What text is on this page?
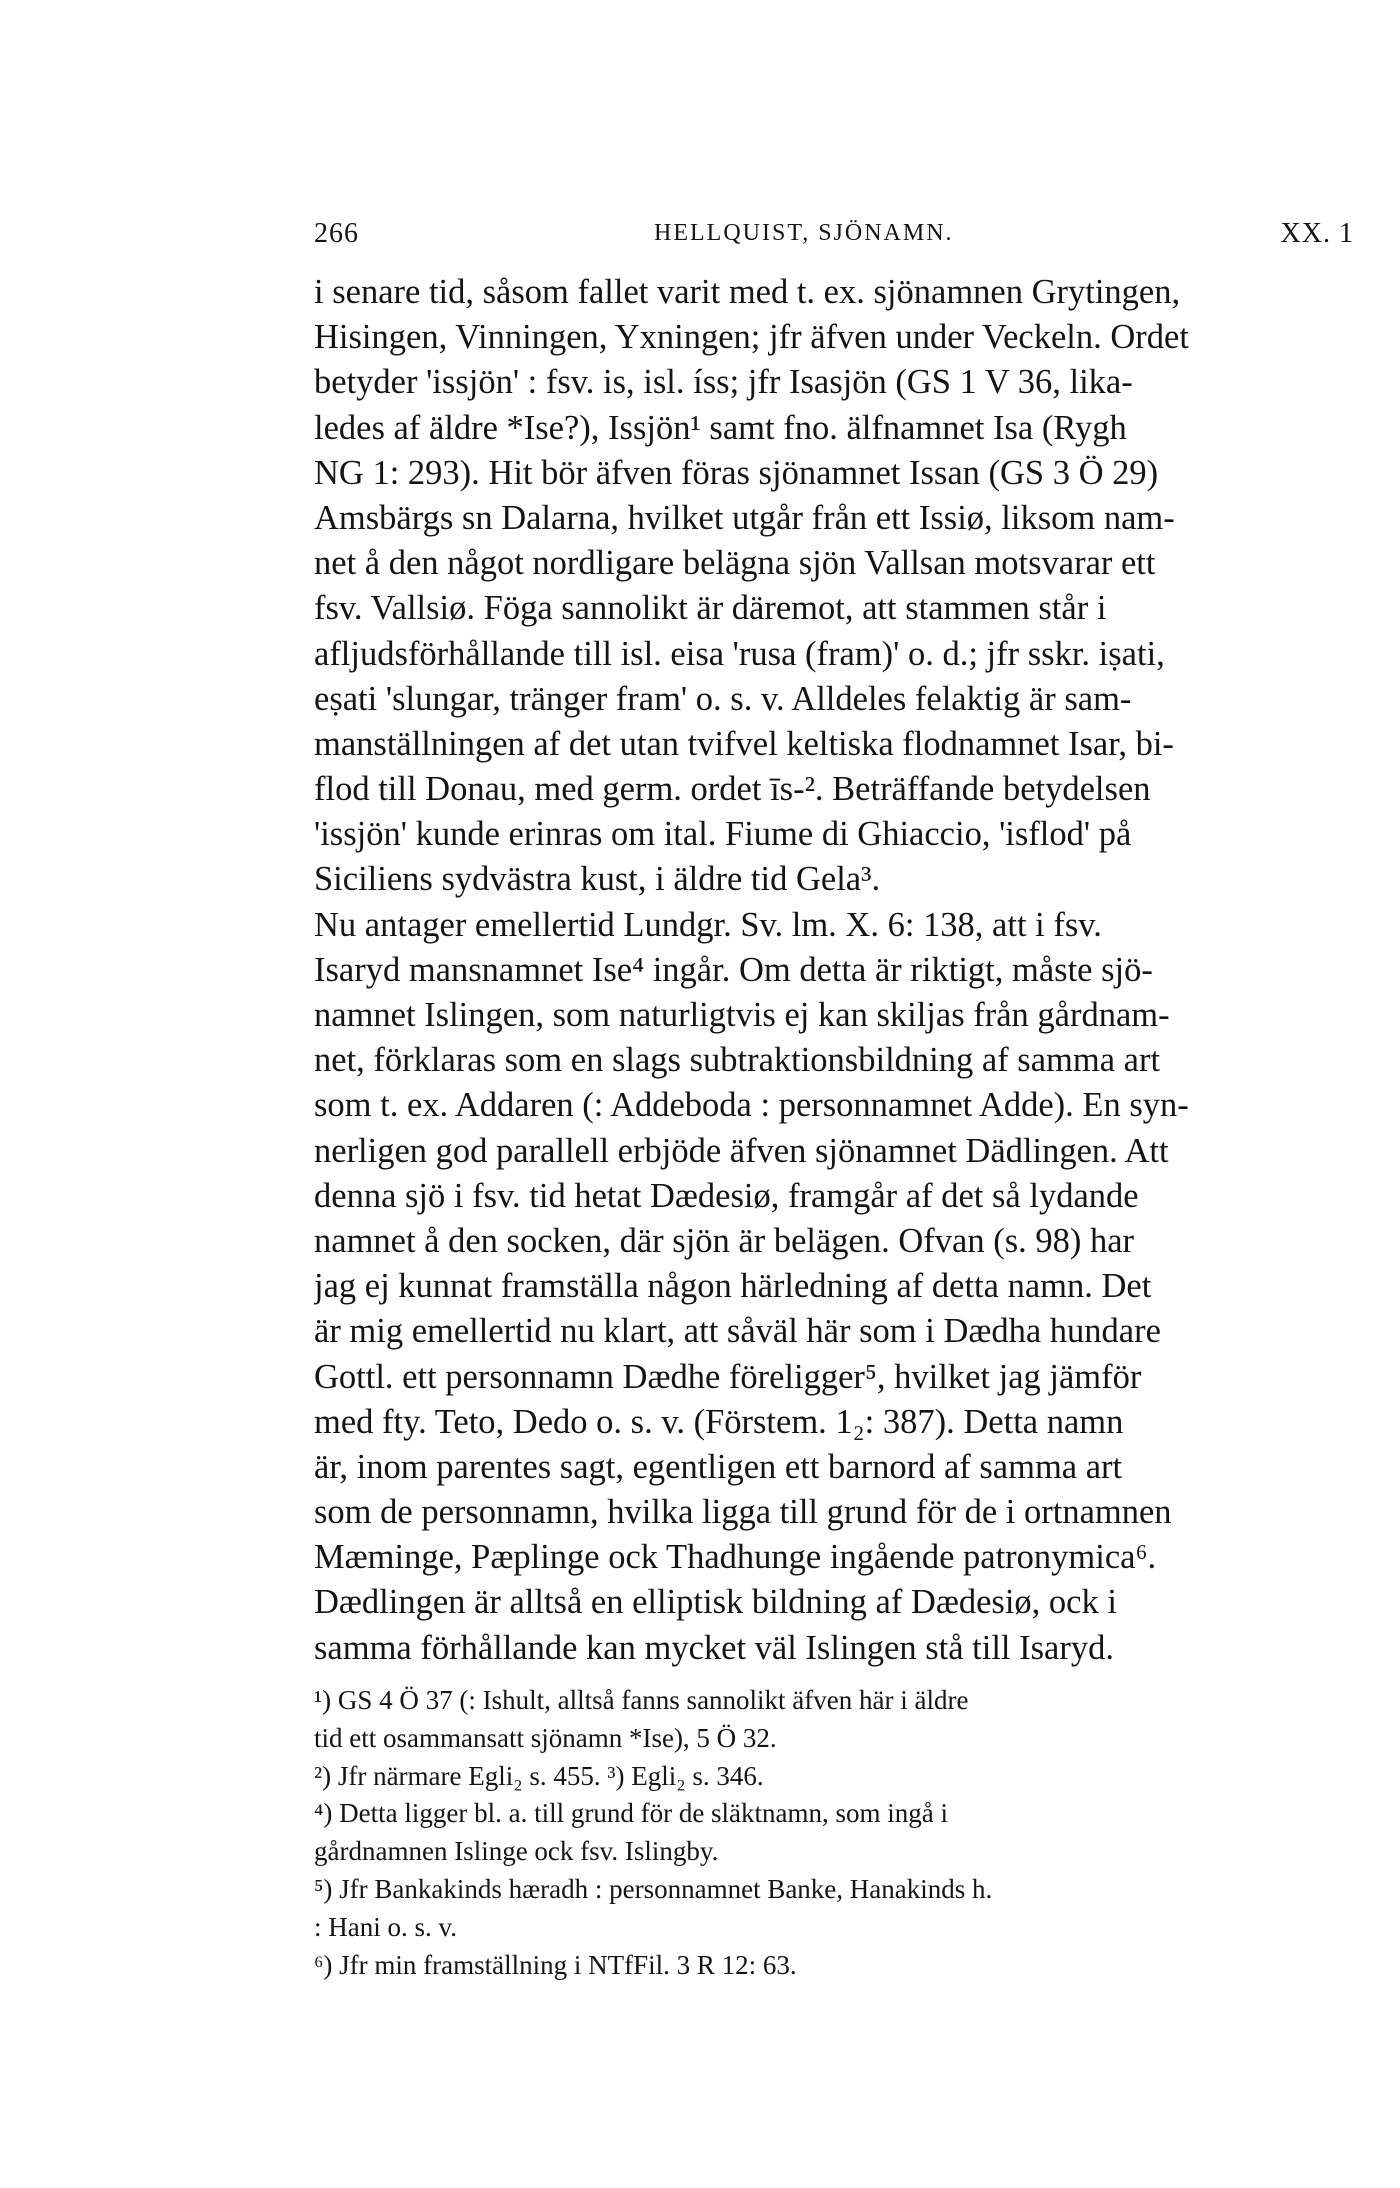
266	HELLQUIST, SJÖNAMN.	XX. 1
i senare tid, såsom fallet varit med t. ex. sjönamnen Grytingen,
Hisingen, Vinningen, Yxningen; jfr äfven under Veckeln. Ordet
betyder 'issjön' : fsv. is, isl. íss; jfr Isasjön (GS 1 V 36, lika-
ledes af äldre *Ise?), Issjön¹ samt fno. älfnamnet Isa (Rygh
NG 1: 293). Hit bör äfven föras sjönamnet Issan (GS 3 Ö 29)
Amsbärgs sn Dalarna, hvilket utgår från ett Issiø, liksom nam-
net å den något nordligare belägna sjön Vallsan motsvarar ett
fsv. Vallsiø. Föga sannolikt är däremot, att stammen står i
afljudsförhållande till isl. eisa 'rusa (fram)' o. d.; jfr sskr. iṣati,
eṣati 'slungar, tränger fram' o. s. v. Alldeles felaktig är sam-
manställningen af det utan tvifvel keltiska flodnamnet Isar, bi-
flod till Donau, med germ. ordet īs-². Beträffande betydelsen
'issjön' kunde erinras om ital. Fiume di Ghiaccio, 'isflod' på
Siciliens sydvästra kust, i äldre tid Gela³.
Nu antager emellertid Lundgr. Sv. lm. X. 6: 138, att i fsv.
Isaryd mansnamnet Ise⁴ ingår. Om detta är riktigt, måste sjö-
namnet Islingen, som naturligtvis ej kan skiljas från gårdnam-
net, förklaras som en slags subtraktionsbildning af samma art
som t. ex. Addaren (: Addeboda : personnamnet Adde). En syn-
nerligen god parallell erbjöde äfven sjönamnet Dädlingen. Att
denna sjö i fsv. tid hetat Dædesiø, framgår af det så lydande
namnet å den socken, där sjön är belägen. Ofvan (s. 98) har
jag ej kunnat framställa någon härledning af detta namn. Det
är mig emellertid nu klart, att såväl här som i Dædha hundare
Gottl. ett personnamn Dædhe föreligger⁵, hvilket jag jämför
med fty. Teto, Dedo o. s. v. (Förstem. 1₂: 387). Detta namn
är, inom parentes sagt, egentligen ett barnord af samma art
som de personnamn, hvilka ligga till grund för de i ortnamnen
Mæminge, Pæplinge ock Thadhunge ingående patronymica⁶.
Dædlingen är alltså en elliptisk bildning af Dædesiø, ock i
samma förhållande kan mycket väl Islingen stå till Isaryd.
¹) GS 4 Ö 37 (: Ishult, alltså fanns sannolikt äfven här i äldre
tid ett osammansatt sjönamn *Ise), 5 Ö 32.
²) Jfr närmare Egli₂ s. 455. ³) Egli₂ s. 346.
⁴) Detta ligger bl. a. till grund för de släktnamn, som ingå i
gårdnamnen Islinge ock fsv. Islingby.
⁵) Jfr Bankakinds hæradh : personnamnet Banke, Hanakinds h.
: Hani o. s. v.
⁶) Jfr min framställning i NTfFil. 3 R 12: 63.
